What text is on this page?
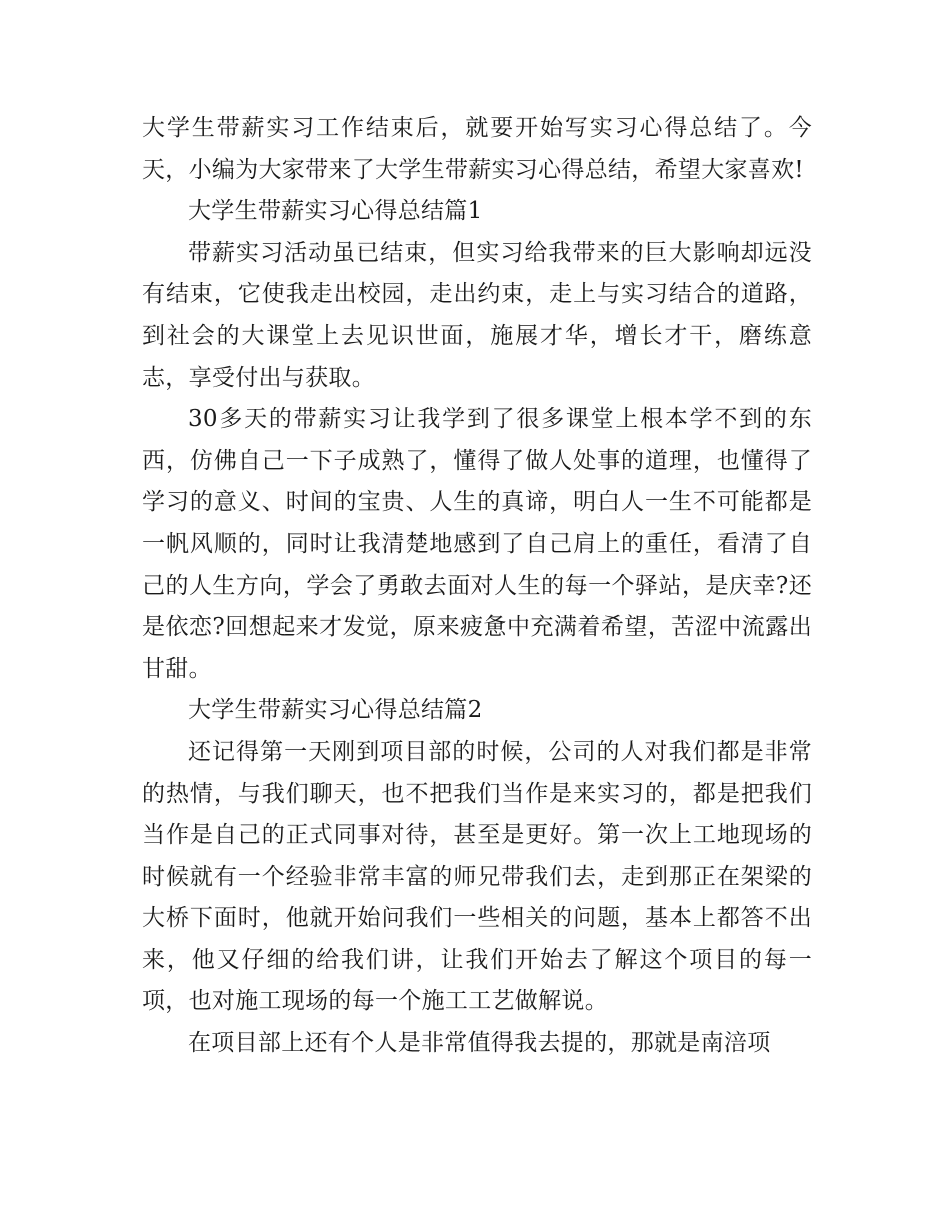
大学生带薪实习工作结束后，就要开始写实习心得总结了。今天，小编为大家带来了大学生带薪实习心得总结，希望大家喜欢!

大学生带薪实习心得总结篇1

带薪实习活动虽已结束，但实习给我带来的巨大影响却远没有结束，它使我走出校园，走出约束，走上与实习结合的道路，到社会的大课堂上去见识世面，施展才华，增长才干，磨练意志，享受付出与获取。

30多天的带薪实习让我学到了很多课堂上根本学不到的东西，仿佛自己一下子成熟了，懂得了做人处事的道理，也懂得了学习的意义、时间的宝贵、人生的真谛，明白人一生不可能都是一帆风顺的，同时让我清楚地感到了自己肩上的重任，看清了自己的人生方向，学会了勇敢去面对人生的每一个驿站，是庆幸?还是依恋?回想起来才发觉，原来疲惫中充满着希望，苦涩中流露出甘甜。

大学生带薪实习心得总结篇2

还记得第一天刚到项目部的时候，公司的人对我们都是非常的热情，与我们聊天，也不把我们当作是来实习的，都是把我们当作是自己的正式同事对待，甚至是更好。第一次上工地现场的时候就有一个经验非常丰富的师兄带我们去，走到那正在架梁的大桥下面时，他就开始问我们一些相关的问题，基本上都答不出来，他又仔细的给我们讲，让我们开始去了解这个项目的每一项，也对施工现场的每一个施工工艺做解说。

在项目部上还有个人是非常值得我去提的，那就是南涪项
